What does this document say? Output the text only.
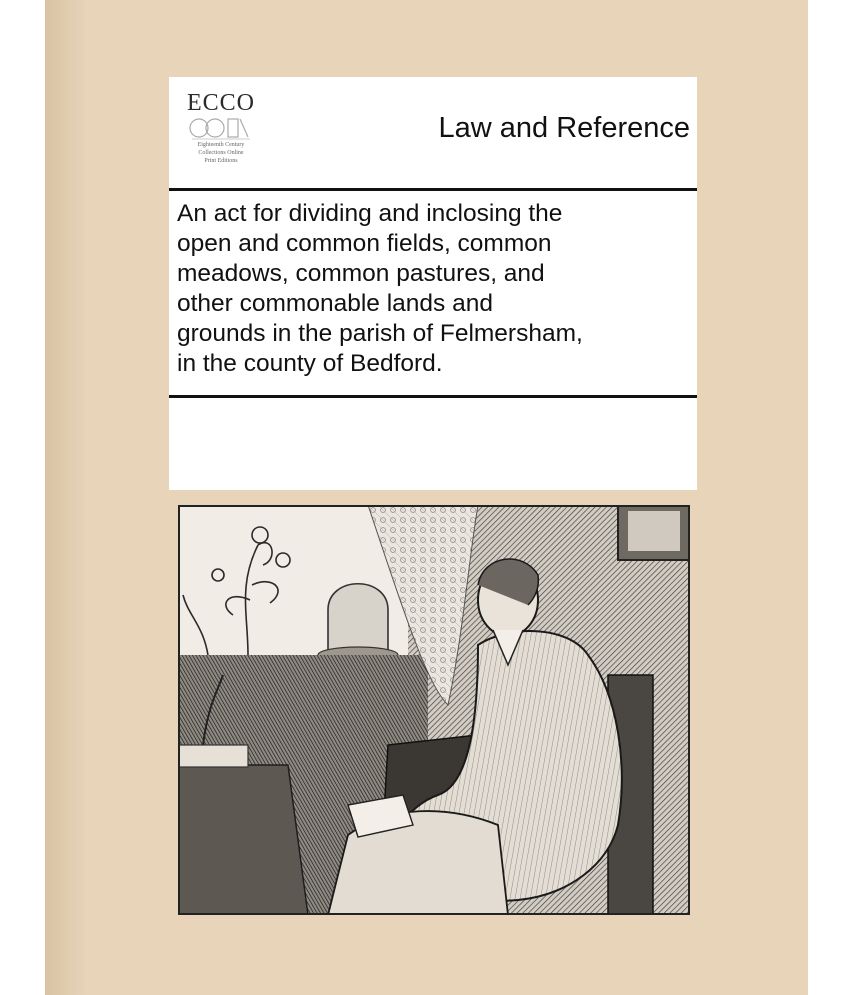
ECCO
Eighteenth Century
Collections Online
Print Editions
Law and Reference
An act for dividing and inclosing the
open and common fields, common
meadows, common pastures, and
other commonable lands and
grounds in the parish of Felmersham,
in the county of Bedford.
